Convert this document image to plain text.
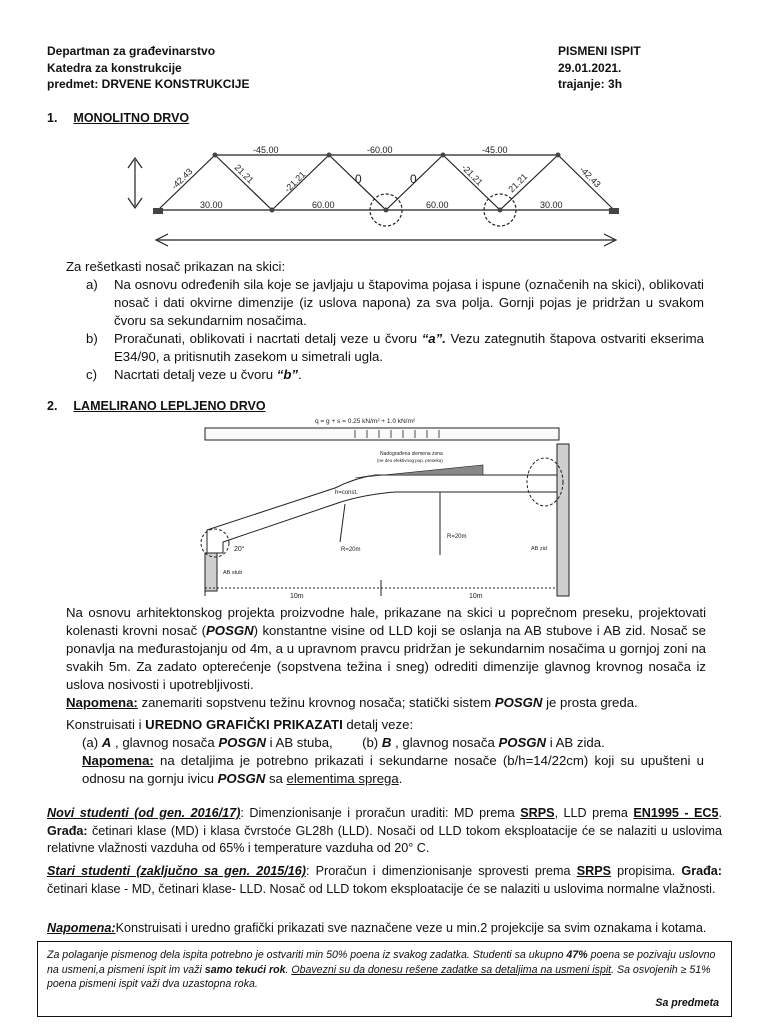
Departman za građevinarstvo
Katedra za konstrukcije
predmet: DRVENE KONSTRUKCIJE
PISMENI ISPIT
29.01.2021.
trajanje: 3h
1. MONOLITNO DRVO
-45.00	-60.00	-45.00
30.00	60.00	60.00	30.00
-42.43	-42.43
21.21	-21.21	0	0	-21.21 21.21
Za rešetkasti nosač prikazan na skici:
a)	Na osnovu određenih sila koje se javljaju u štapovima pojasa i ispune (označenih na skici), oblikovati nosač i dati okvirne dimenzije (iz uslova napona) za sva polja. Gornji pojas je pridržan u svakom čvoru sa sekundarnim nosačima.
b)	Proračunati, oblikovati i nacrtati detalj veze u čvoru “a”. Vezu zategnutih štapova ostvariti ekserima E34/90, a pritisnutih zasekom u simetrali ugla.
c)	Nacrtati detalj veze u čvoru “b”.
2. LAMELIRANO LEPLJENO DRVO
q = g + s = 0.25 kN/m² + 1.0 kN/m²
Nadograđena slemena zona
(ne deo efektivnog pop. preseka)
h=const.
R=20m
R=20m
20°
AB stub
AB zid
10m	10m
Na osnovu arhitektonskog projekta proizvodne hale, prikazane na skici u poprečnom preseku, projektovati kolenasti krovni nosač (POSGN) konstantne visine od LLD koji se oslanja na AB stubove i AB zid. Nosač se ponavlja na međurastojanju od 4m, a u upravnom pravcu pridržan je sekundarnim nosačima u gornjoj zoni na svakih 5m. Za zadato opterećenje (sopstvena težina i sneg) odrediti dimenzije glavnog krovnog nosača iz uslova nosivosti i upotrebljivosti.
Napomena: zanemariti sopstvenu težinu krovnog nosača; statički sistem POSGN je prosta greda.
Konstruisati i UREDNO GRAFIČKI PRIKAZATI detalj veze:
(a) A , glavnog nosača POSGN i AB stuba, (b) B , glavnog nosača POSGN i AB zida.
Napomena: na detaljima je potrebno prikazati i sekundarne nosače (b/h=14/22cm) koji su upušteni u odnosu na gornju ivicu POSGN sa elementima sprega.
Novi studenti (od gen. 2016/17): Dimenzionisanje i proračun uraditi: MD prema SRPS, LLD prema EN1995 - EC5. Građa: četinari klase (MD) i klasa čvrstoće GL28h (LLD). Nosači od LLD tokom eksploatacije će se nalaziti u uslovima relativne vlažnosti vazduha od 65% i temperature vazduha od 20° C.
Stari studenti (zaključno sa gen. 2015/16): Proračun i dimenzionisanje sprovesti prema SRPS propisima. Građa: četinari klase - MD, četinari klase- LLD. Nosač od LLD tokom eksploatacije će se nalaziti u uslovima normalne vlažnosti.
Napomena:Konstruisati i uredno grafički prikazati sve naznačene veze u min.2 projekcije sa svim oznakama i kotama.
Za polaganje pismenog dela ispita potrebno je ostvariti min 50% poena iz svakog zadatka. Studenti sa ukupno 47% poena se pozivaju uslovno na usmeni,a pismeni ispit im važi samo tekući rok. Obavezni su da donesu rešene zadatke sa detaljima na usmeni ispit. Sa osvojenih ≥ 51% poena pismeni ispit važi dva uzastopna roka.
Sa predmeta
